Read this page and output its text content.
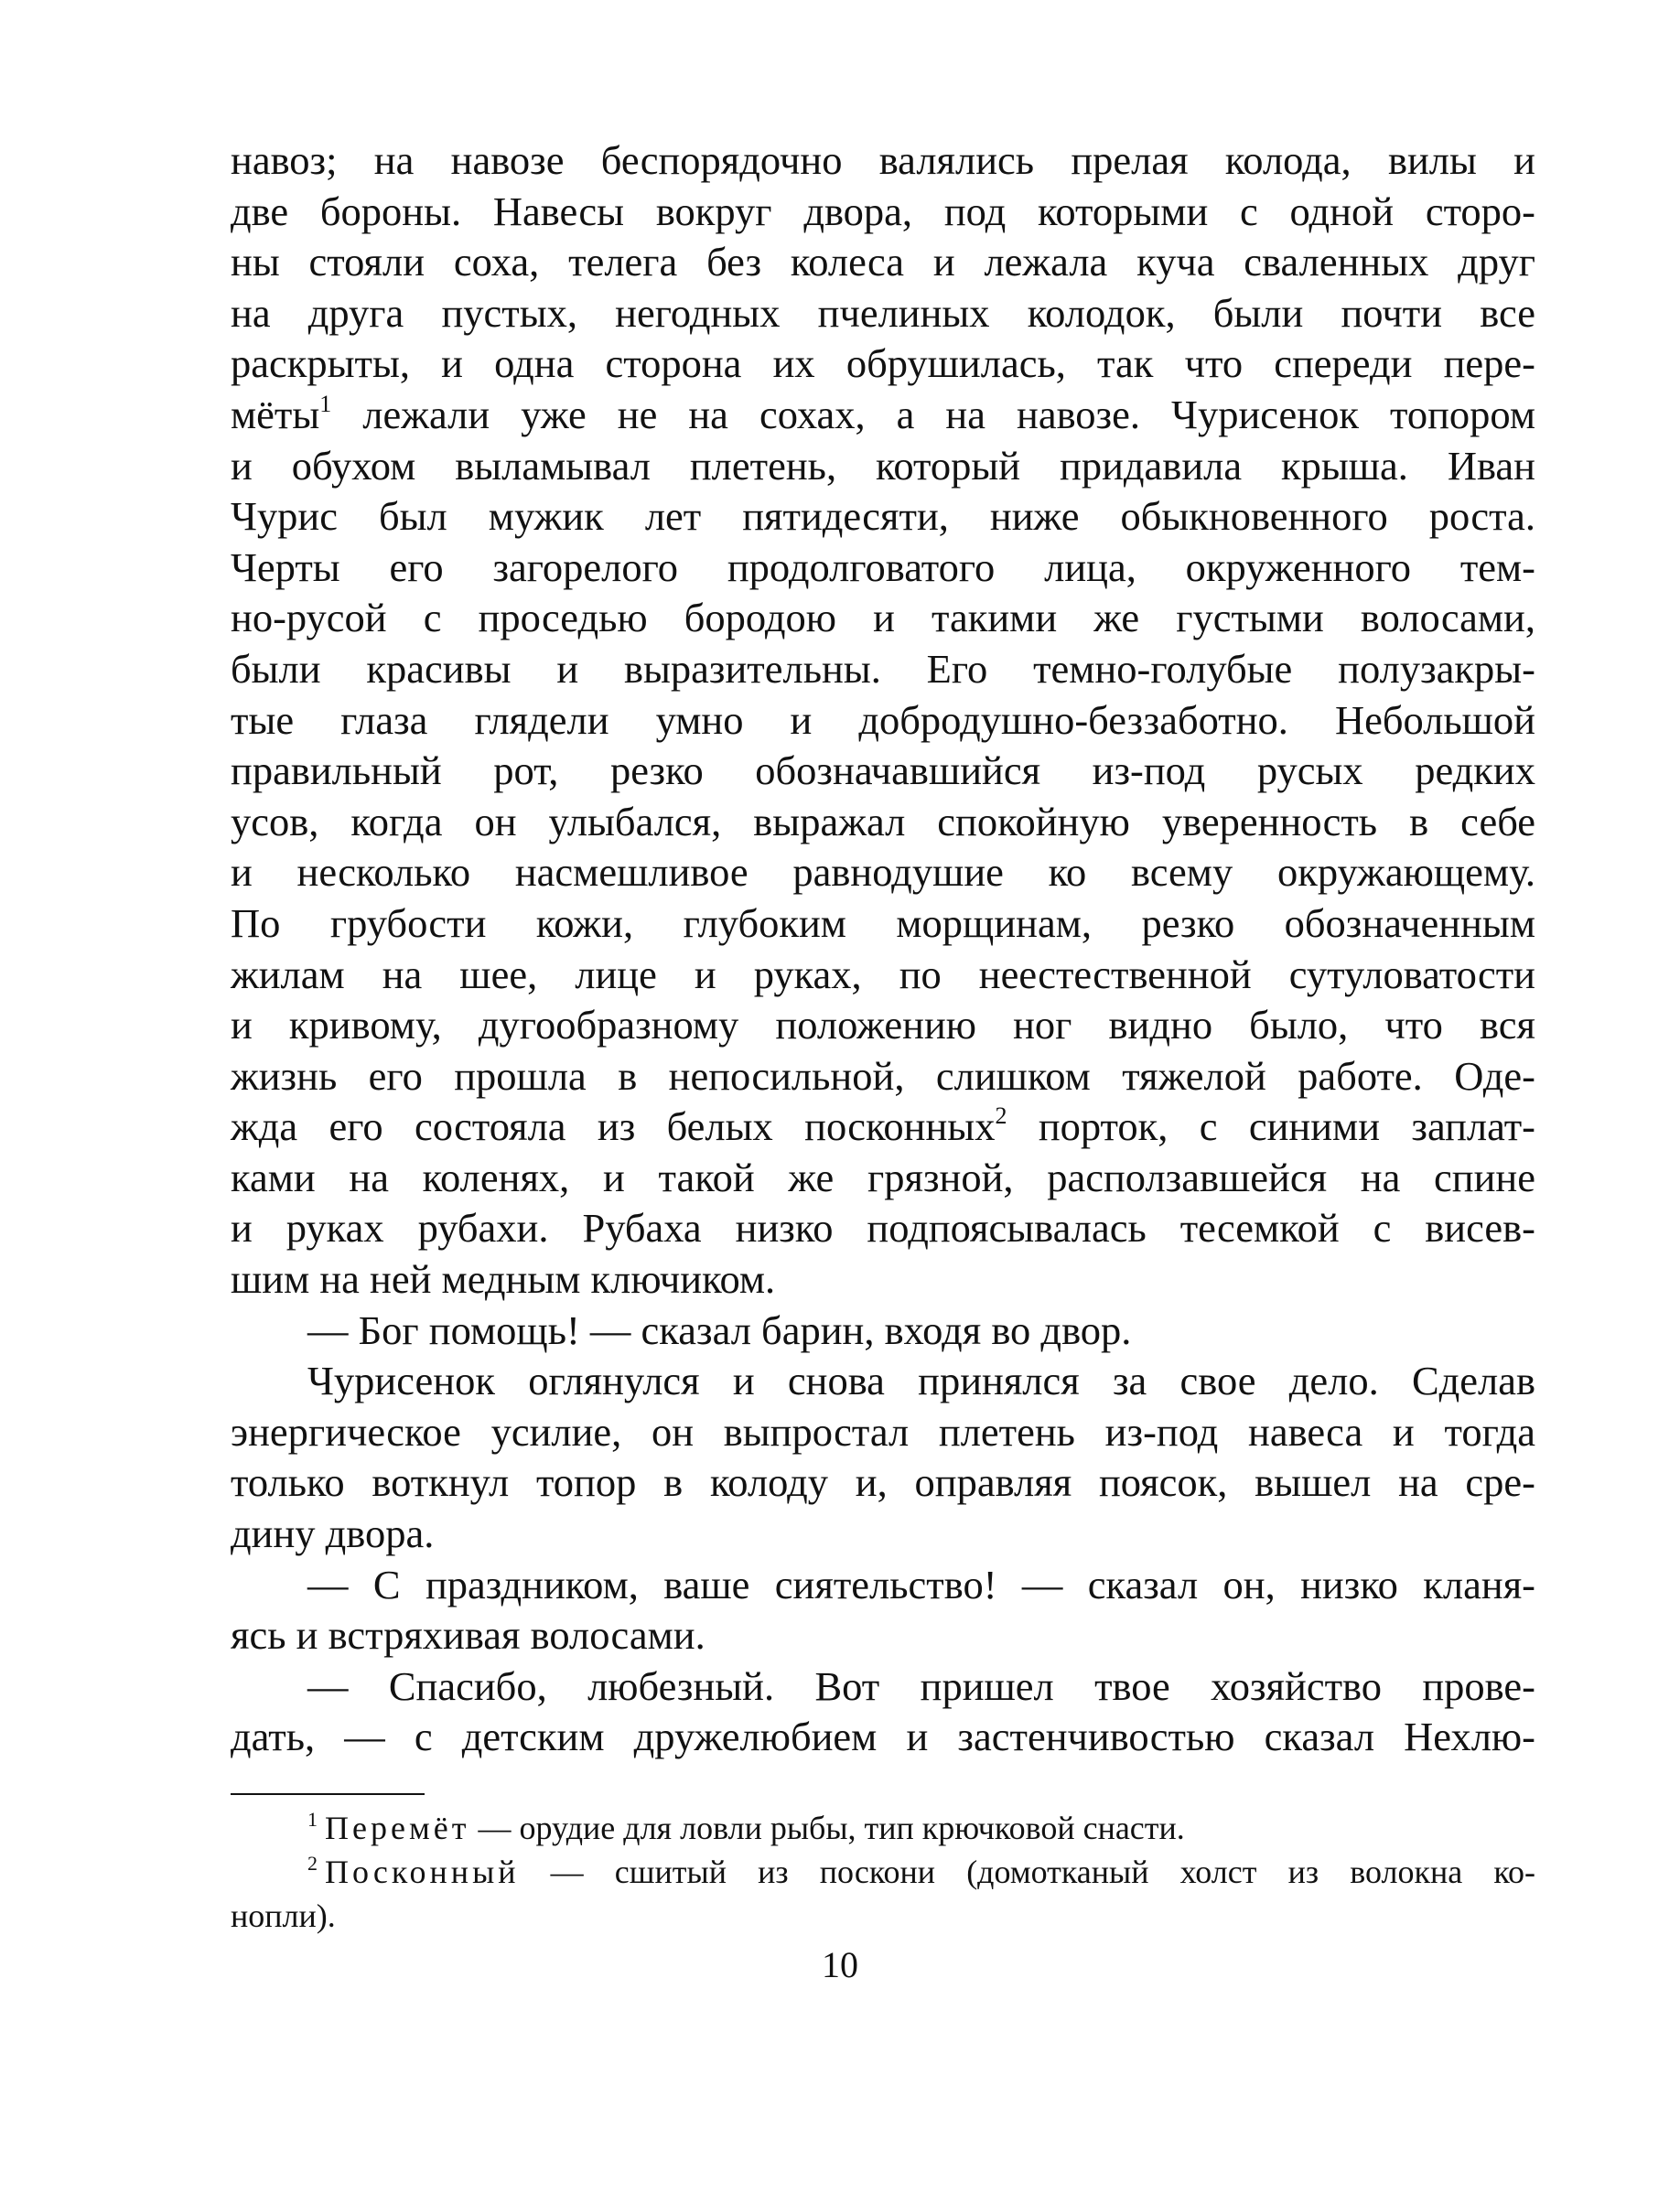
навоз; на навозе беспорядочно валялись прелая колода, вилы и
две бороны. Навесы вокруг двора, под которыми с одной сторо-
ны стояли соха, телега без колеса и лежала куча сваленных друг
на друга пустых, негодных пчелиных колодок, были почти все
раскрыты, и одна сторона их обрушилась, так что спереди пере-
мёты$^1$ лежали уже не на сохах, а на навозе. Чурисенок топором
и обухом выламывал плетень, который придавила крыша. Иван
Чурис был мужик лет пятидесяти, ниже обыкновенного роста.
Черты его загорелого продолговатого лица, окруженного тем-
но-русой с проседью бородою и такими же густыми волосами,
были красивы и выразительны. Его темно-голубые полузакры-
тые глаза глядели умно и добродушно-беззаботно. Небольшой
правильный рот, резко обозначавшийся из-под русых редких
усов, когда он улыбался, выражал спокойную уверенность в себе
и несколько насмешливое равнодушие ко всему окружающему.
По грубости кожи, глубоким морщинам, резко обозначенным
жилам на шее, лице и руках, по неестественной сутуловатости
и кривому, дугообразному положению ног видно было, что вся
жизнь его прошла в непосильной, слишком тяжелой работе. Оде-
жда его состояла из белых посконных$^2$ порток, с синими заплат-
ками на коленях, и такой же грязной, расползавшейся на спине
и руках рубахи. Рубаха низко подпоясывалась тесемкой с висев-
шим на ней медным ключиком.
— Бог помощь! — сказал барин, входя во двор.
Чурисенок оглянулся и снова принялся за свое дело. Сделав
энергическое усилие, он выпростал плетень из-под навеса и тогда
только воткнул топор в колоду и, оправляя поясок, вышел на сре-
дину двора.
— С праздником, ваше сиятельство! — сказал он, низко кланя-
ясь и встряхивая волосами.
— Спасибо, любезный. Вот пришел твое хозяйство прове-
дать, — с детским дружелюбием и застенчивостью сказал Нехлю-
$^1$ Перемёт — орудие для ловли рыбы, тип крючковой снасти.
$^2$ Посконный — сшитый из поскони (домотканый холст из волокна ко-
нопли).
10
